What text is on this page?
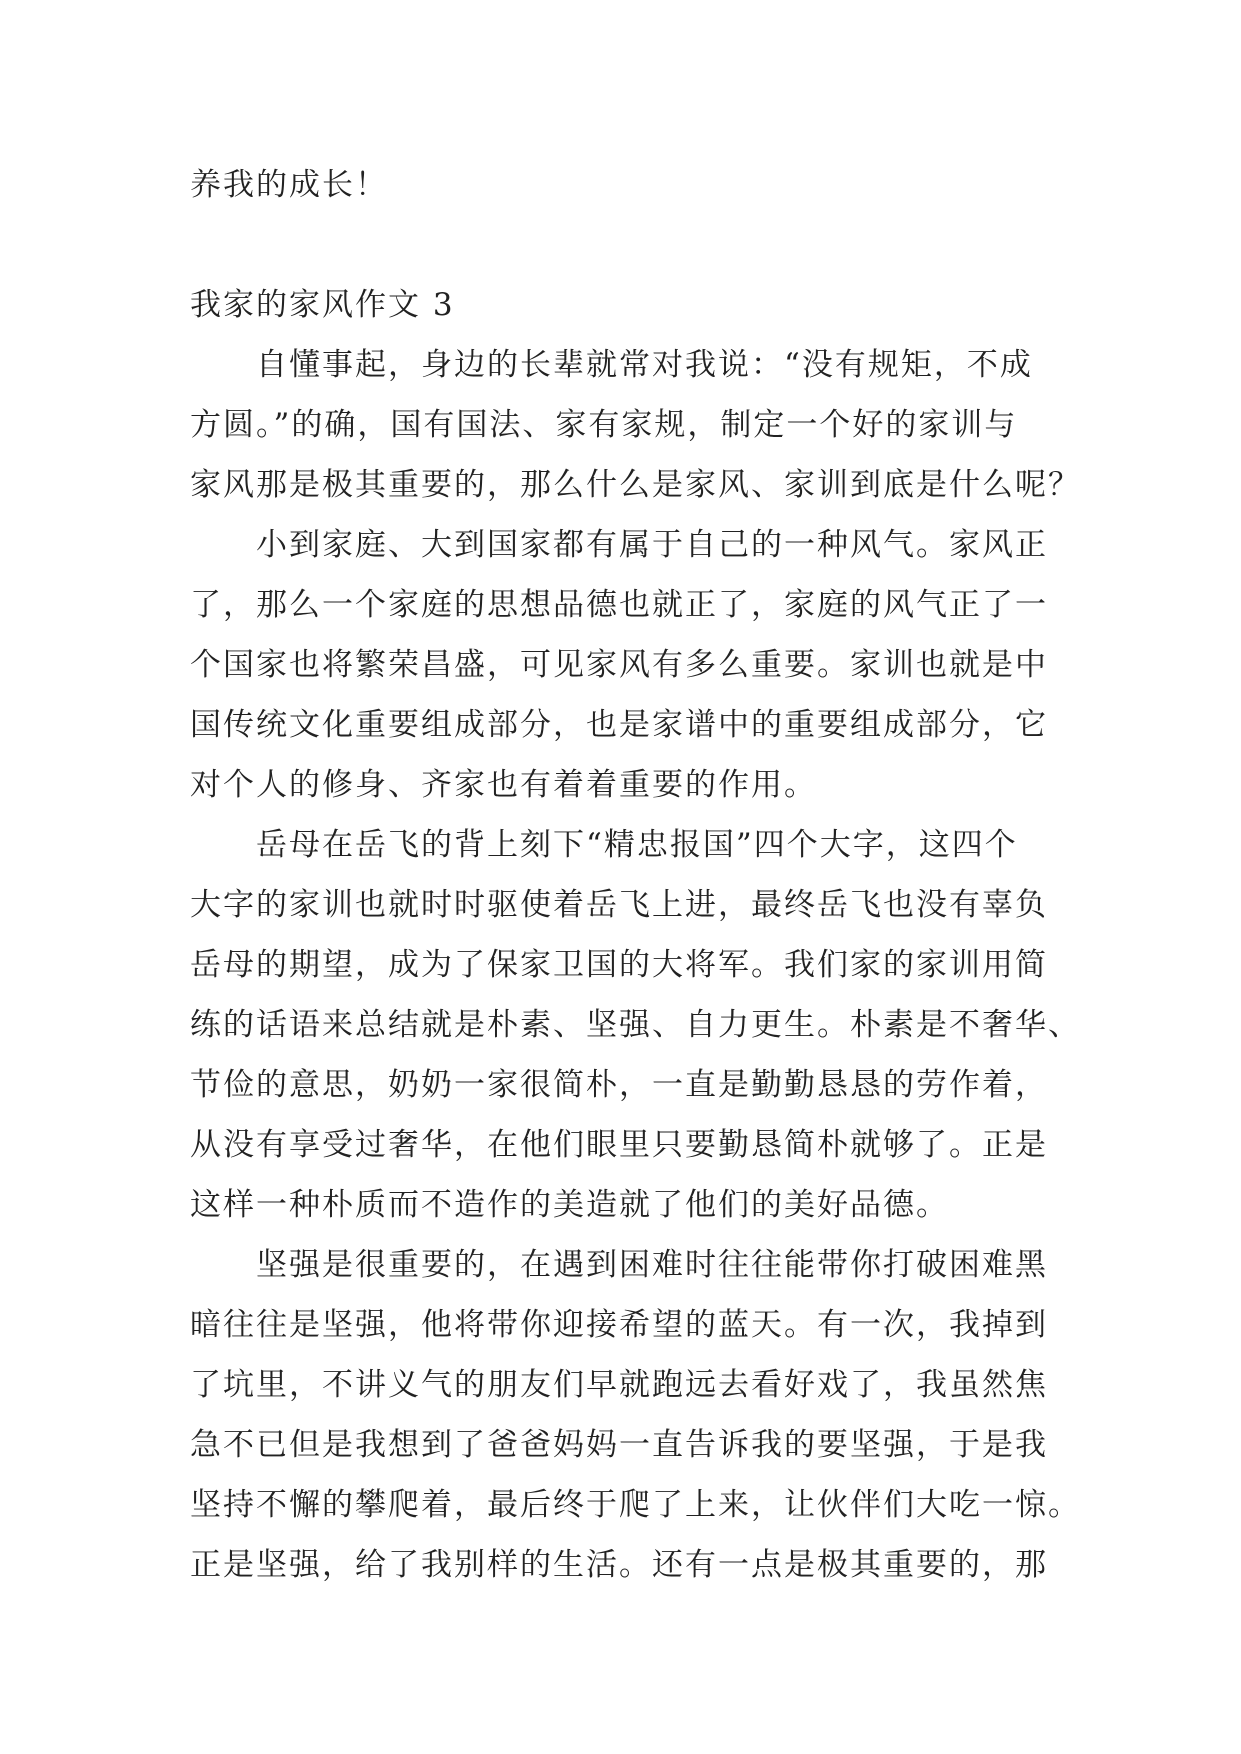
养我的成长！
我家的家风作文 3
　　自懂事起，身边的长辈就常对我说：“没有规矩，不成
方圆。”的确，国有国法、家有家规，制定一个好的家训与
家风那是极其重要的，那么什么是家风、家训到底是什么呢？
　　小到家庭、大到国家都有属于自己的一种风气。家风正
了，那么一个家庭的思想品德也就正了，家庭的风气正了一
个国家也将繁荣昌盛，可见家风有多么重要。家训也就是中
国传统文化重要组成部分，也是家谱中的重要组成部分，它
对个人的修身、齐家也有着着重要的作用。
　　岳母在岳飞的背上刻下“精忠报国”四个大字，这四个
大字的家训也就时时驱使着岳飞上进，最终岳飞也没有辜负
岳母的期望，成为了保家卫国的大将军。我们家的家训用简
练的话语来总结就是朴素、坚强、自力更生。朴素是不奢华、
节俭的意思，奶奶一家很简朴，一直是勤勤恳恳的劳作着，
从没有享受过奢华，在他们眼里只要勤恳简朴就够了。正是
这样一种朴质而不造作的美造就了他们的美好品德。
　　坚强是很重要的，在遇到困难时往往能带你打破困难黑
暗往往是坚强，他将带你迎接希望的蓝天。有一次，我掉到
了坑里，不讲义气的朋友们早就跑远去看好戏了，我虽然焦
急不已但是我想到了爸爸妈妈一直告诉我的要坚强，于是我
坚持不懈的攀爬着，最后终于爬了上来，让伙伴们大吃一惊。
正是坚强，给了我别样的生活。还有一点是极其重要的，那
